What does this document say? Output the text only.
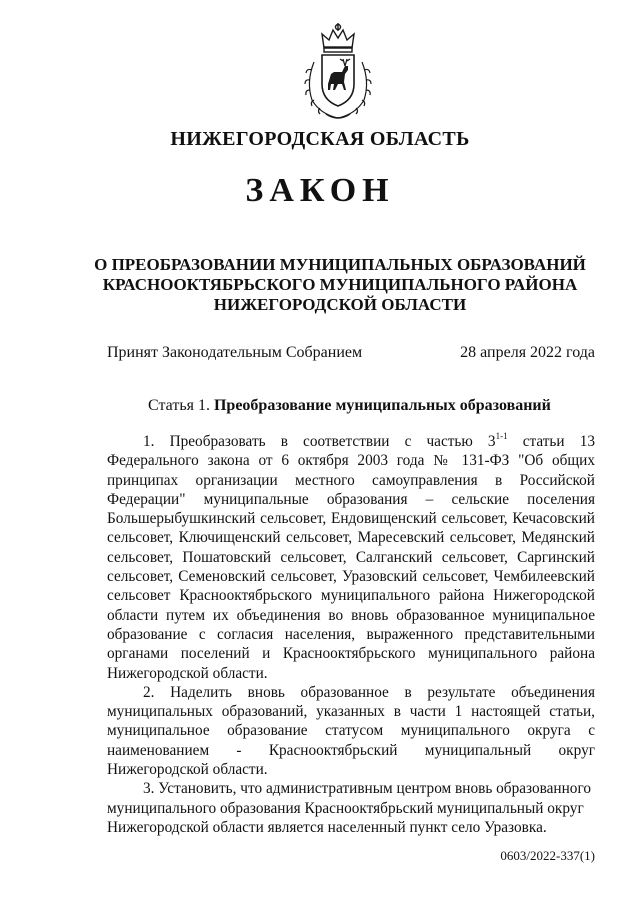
НИЖЕГОРОДСКАЯ ОБЛАСТЬ
ЗАКОН
О ПРЕОБРАЗОВАНИИ МУНИЦИПАЛЬНЫХ ОБРАЗОВАНИЙ
КРАСНООКТЯБРЬСКОГО МУНИЦИПАЛЬНОГО РАЙОНА
НИЖЕГОРОДСКОЙ ОБЛАСТИ
Принят Законодательным Собранием	28 апреля 2022 года
Статья 1. Преобразование муниципальных образований

1. Преобразовать в соответствии с частью 3$^{1-1}$ статьи 13 Федерального закона от 6 октября 2003 года № 131-ФЗ "Об общих принципах организации местного самоуправления в Российской Федерации" муниципальные образования – сельские поселения Большерыбушкинский сельсовет, Ендовищенский сельсовет, Кечасовский сельсовет, Ключищенский сельсовет, Маресевский сельсовет, Медянский сельсовет, Пошатовский сельсовет, Салганский сельсовет, Саргинский сельсовет, Семеновский сельсовет, Уразовский сельсовет, Чембилеевский сельсовет Краснооктябрьского муниципального района Нижегородской области путем их объединения во вновь образованное муниципальное образование с согласия населения, выраженного представительными органами поселений и Краснооктябрьского муниципального района Нижегородской области.

2. Наделить вновь образованное в результате объединения муниципальных образований, указанных в части 1 настоящей статьи, муниципальное образование статусом муниципального округа с наименованием - Краснооктябрьский муниципальный округ Нижегородской области.

3. Установить, что административным центром вновь образованного муниципального образования Краснооктябрьский муниципальный округ Нижегородской области является населенный пункт село Уразовка.

0603/2022-337(1)
